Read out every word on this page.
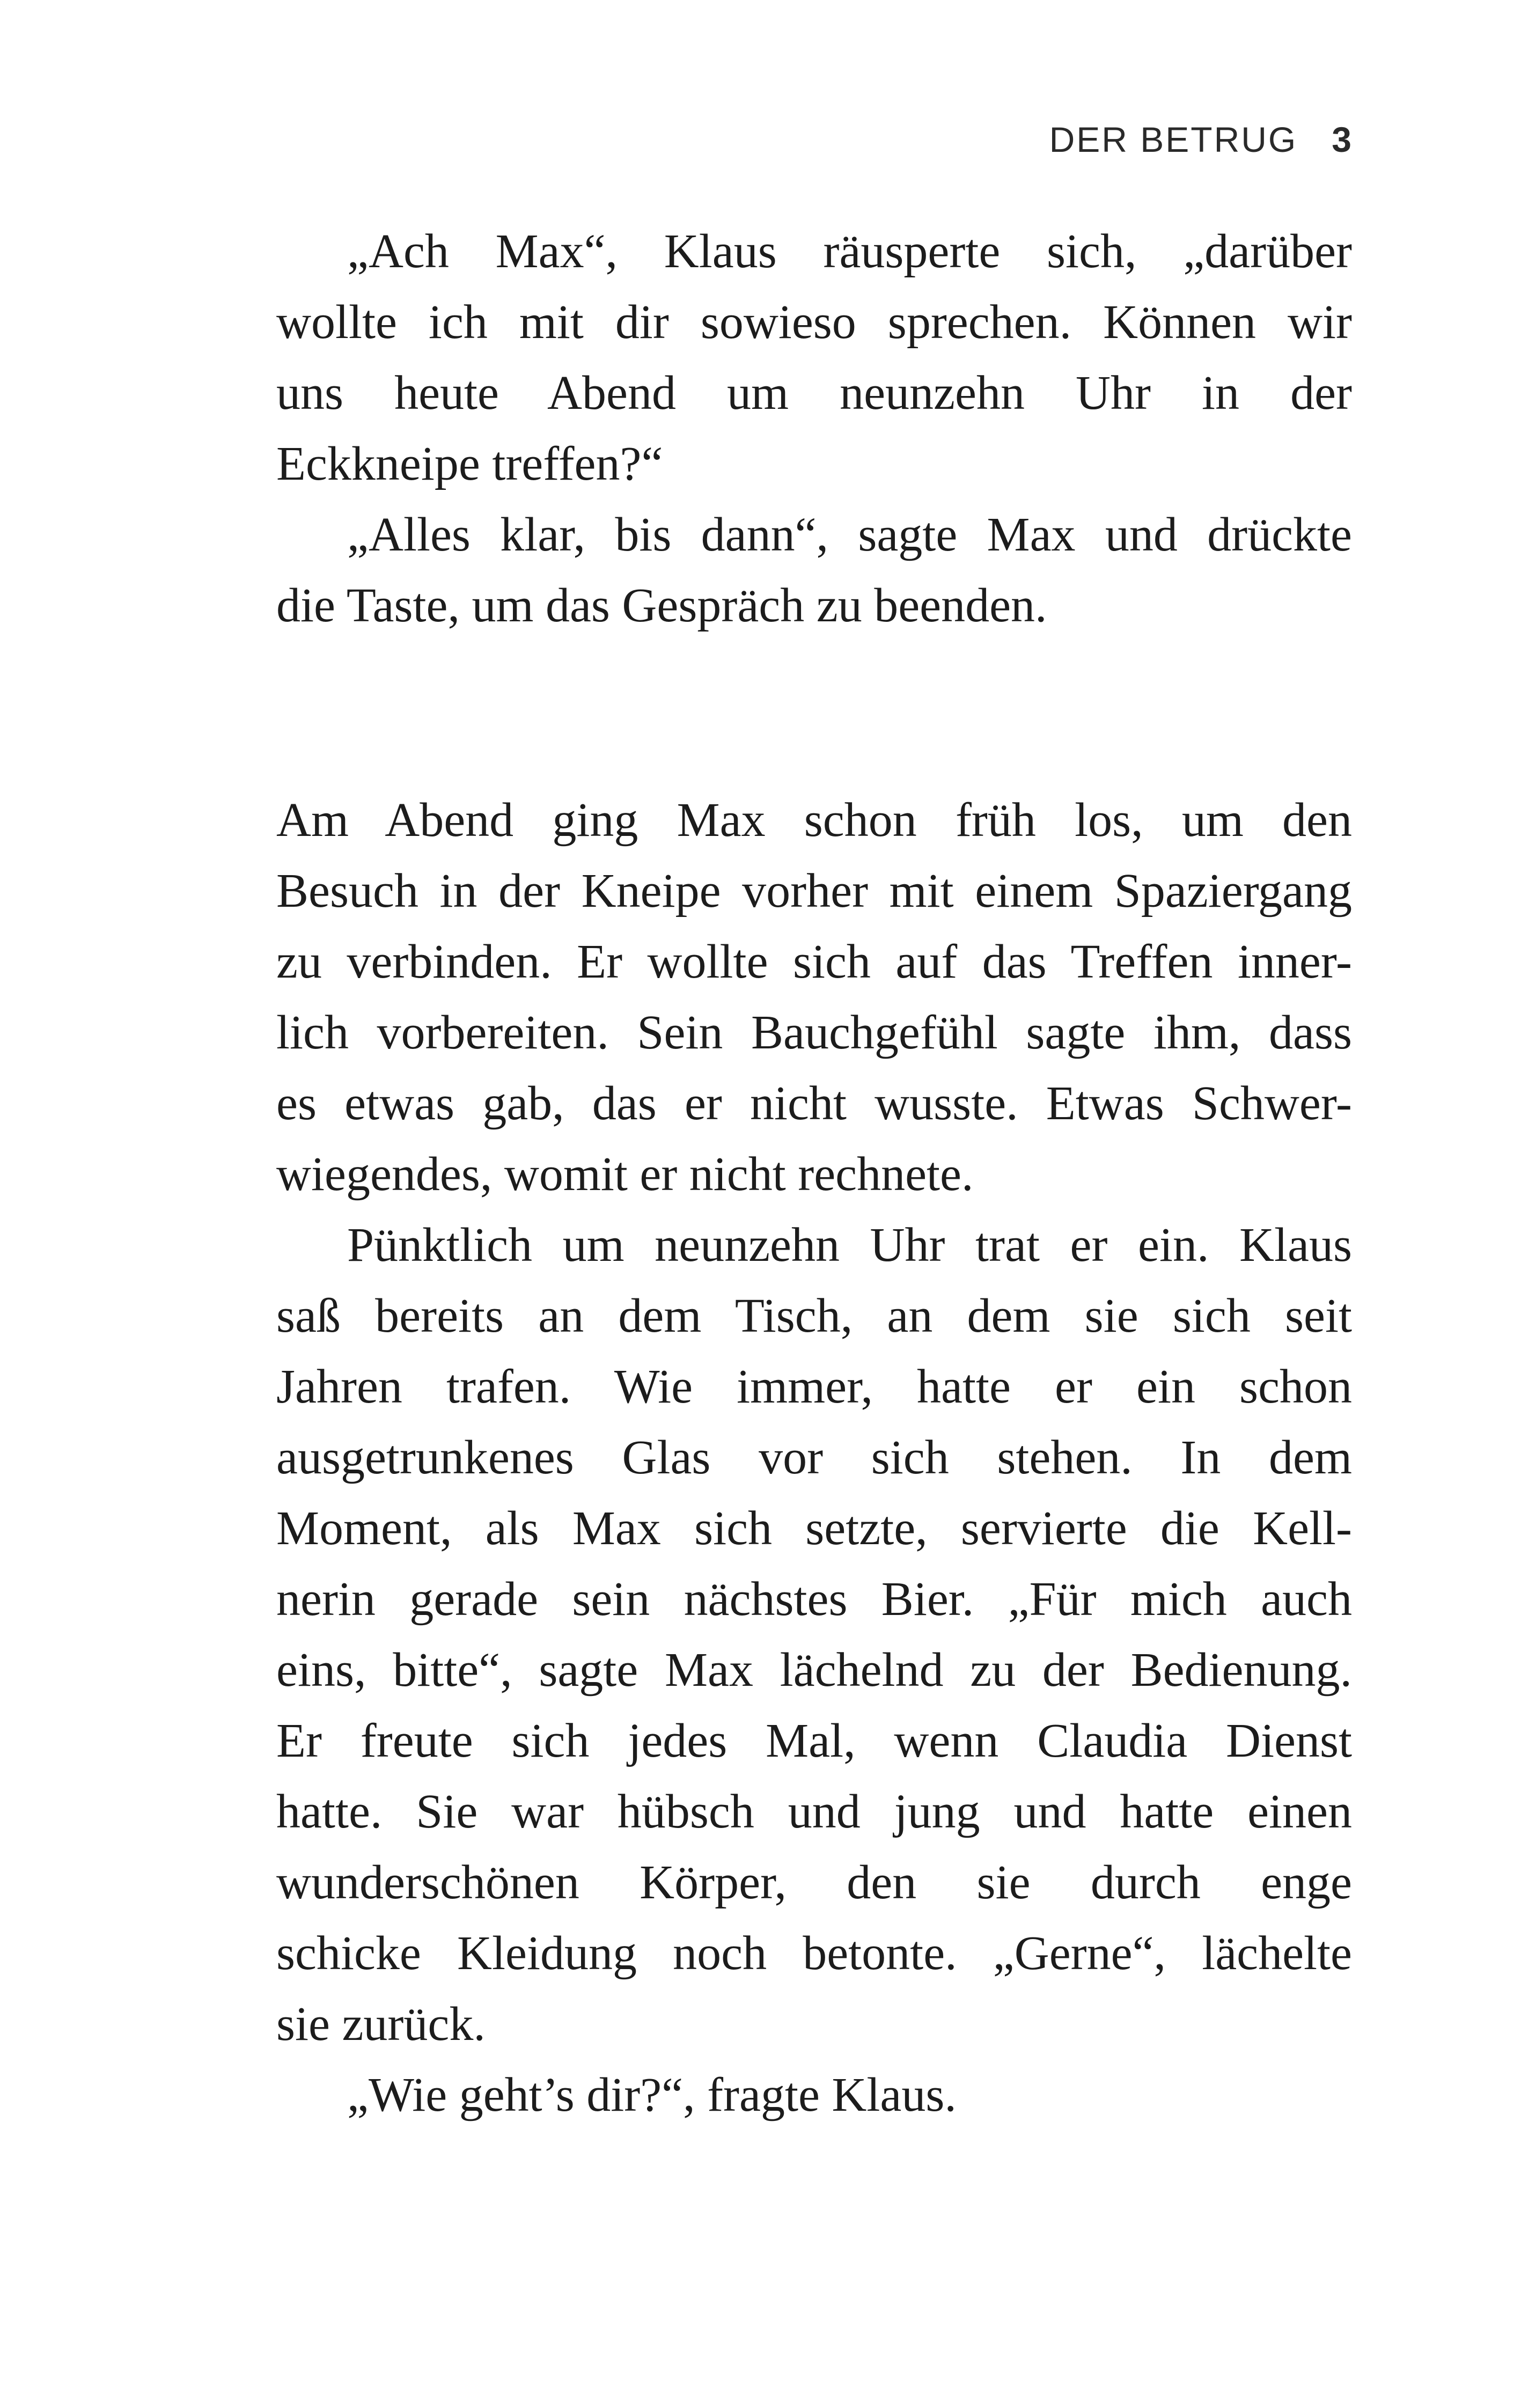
DER BETRUG 3
„Ach Max“, Klaus räusperte sich, „darüber
wollte ich mit dir sowieso sprechen. Können wir
uns heute Abend um neunzehn Uhr in der
Eckkneipe treffen?“
„Alles klar, bis dann“, sagte Max und drückte
die Taste, um das Gespräch zu beenden.
Am Abend ging Max schon früh los, um den
Besuch in der Kneipe vorher mit einem Spaziergang
zu verbinden. Er wollte sich auf das Treffen inner-
lich vorbereiten. Sein Bauchgefühl sagte ihm, dass
es etwas gab, das er nicht wusste. Etwas Schwer-
wiegendes, womit er nicht rechnete.
Pünktlich um neunzehn Uhr trat er ein. Klaus
saß bereits an dem Tisch, an dem sie sich seit
Jahren trafen. Wie immer, hatte er ein schon
ausgetrunkenes Glas vor sich stehen. In dem
Moment, als Max sich setzte, servierte die Kell-
nerin gerade sein nächstes Bier. „Für mich auch
eins, bitte“, sagte Max lächelnd zu der Bedienung.
Er freute sich jedes Mal, wenn Claudia Dienst
hatte. Sie war hübsch und jung und hatte einen
wunderschönen Körper, den sie durch enge
schicke Kleidung noch betonte. „Gerne“, lächelte
sie zurück.
„Wie geht’s dir?“, fragte Klaus.
